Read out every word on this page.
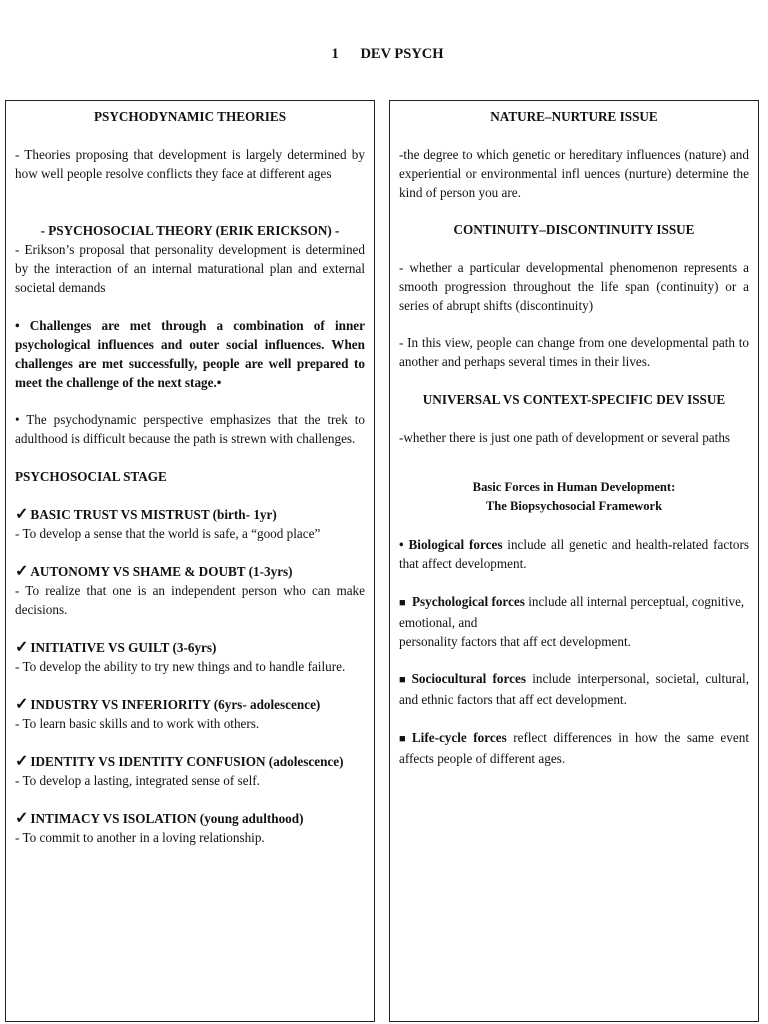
1 DEV PSYCH

PSYCHODYNAMIC THEORIES

- Theories proposing that development is largely determined by how well people resolve conflicts they face at different ages

- PSYCHOSOCIAL THEORY (ERIK ERICKSON) -

- Erikson’s proposal that personality development is determined by the interaction of an internal maturational plan and external societal demands

• Challenges are met through a combination of inner psychological influences and outer social influences. When challenges are met successfully, people are well prepared to meet the challenge of the next stage.•

• The psychodynamic perspective emphasizes that the trek to adulthood is difficult because the path is strewn with challenges.

PSYCHOSOCIAL STAGE

✓ BASIC TRUST VS MISTRUST (birth- 1yr)

- To develop a sense that the world is safe, a “good place”

✓ AUTONOMY VS SHAME & DOUBT (1-3yrs)

- To realize that one is an independent person who can make decisions.

✓ INITIATIVE VS GUILT (3-6yrs)

- To develop the ability to try new things and to handle failure.

✓ INDUSTRY VS INFERIORITY (6yrs- adolescence)

- To learn basic skills and to work with others.

✓ IDENTITY VS IDENTITY CONFUSION (adolescence)

- To develop a lasting, integrated sense of self.

✓ INTIMACY VS ISOLATION (young adulthood)

- To commit to another in a loving relationship.

NATURE–NURTURE ISSUE

-the degree to which genetic or hereditary influences (nature) and experiential or environmental infl uences (nurture) determine the kind of person you are.

CONTINUITY–DISCONTINUITY ISSUE

- whether a particular developmental phenomenon represents a smooth progression throughout the life span (continuity) or a series of abrupt shifts (discontinuity)

- In this view, people can change from one developmental path to another and perhaps several times in their lives.

UNIVERSAL VS CONTEXT-SPECIFIC DEV ISSUE

-whether there is just one path of development or several paths

Basic Forces in Human Development:
The Biopsychosocial Framework

• Biological forces include all genetic and health-related factors that affect development.

■ Psychological forces include all internal perceptual, cognitive, emotional, and
personality factors that aff ect development.

■ Sociocultural forces include interpersonal, societal, cultural, and ethnic factors that aff ect development.

■ Life-cycle forces reflect differences in how the same event affects people of different ages.
